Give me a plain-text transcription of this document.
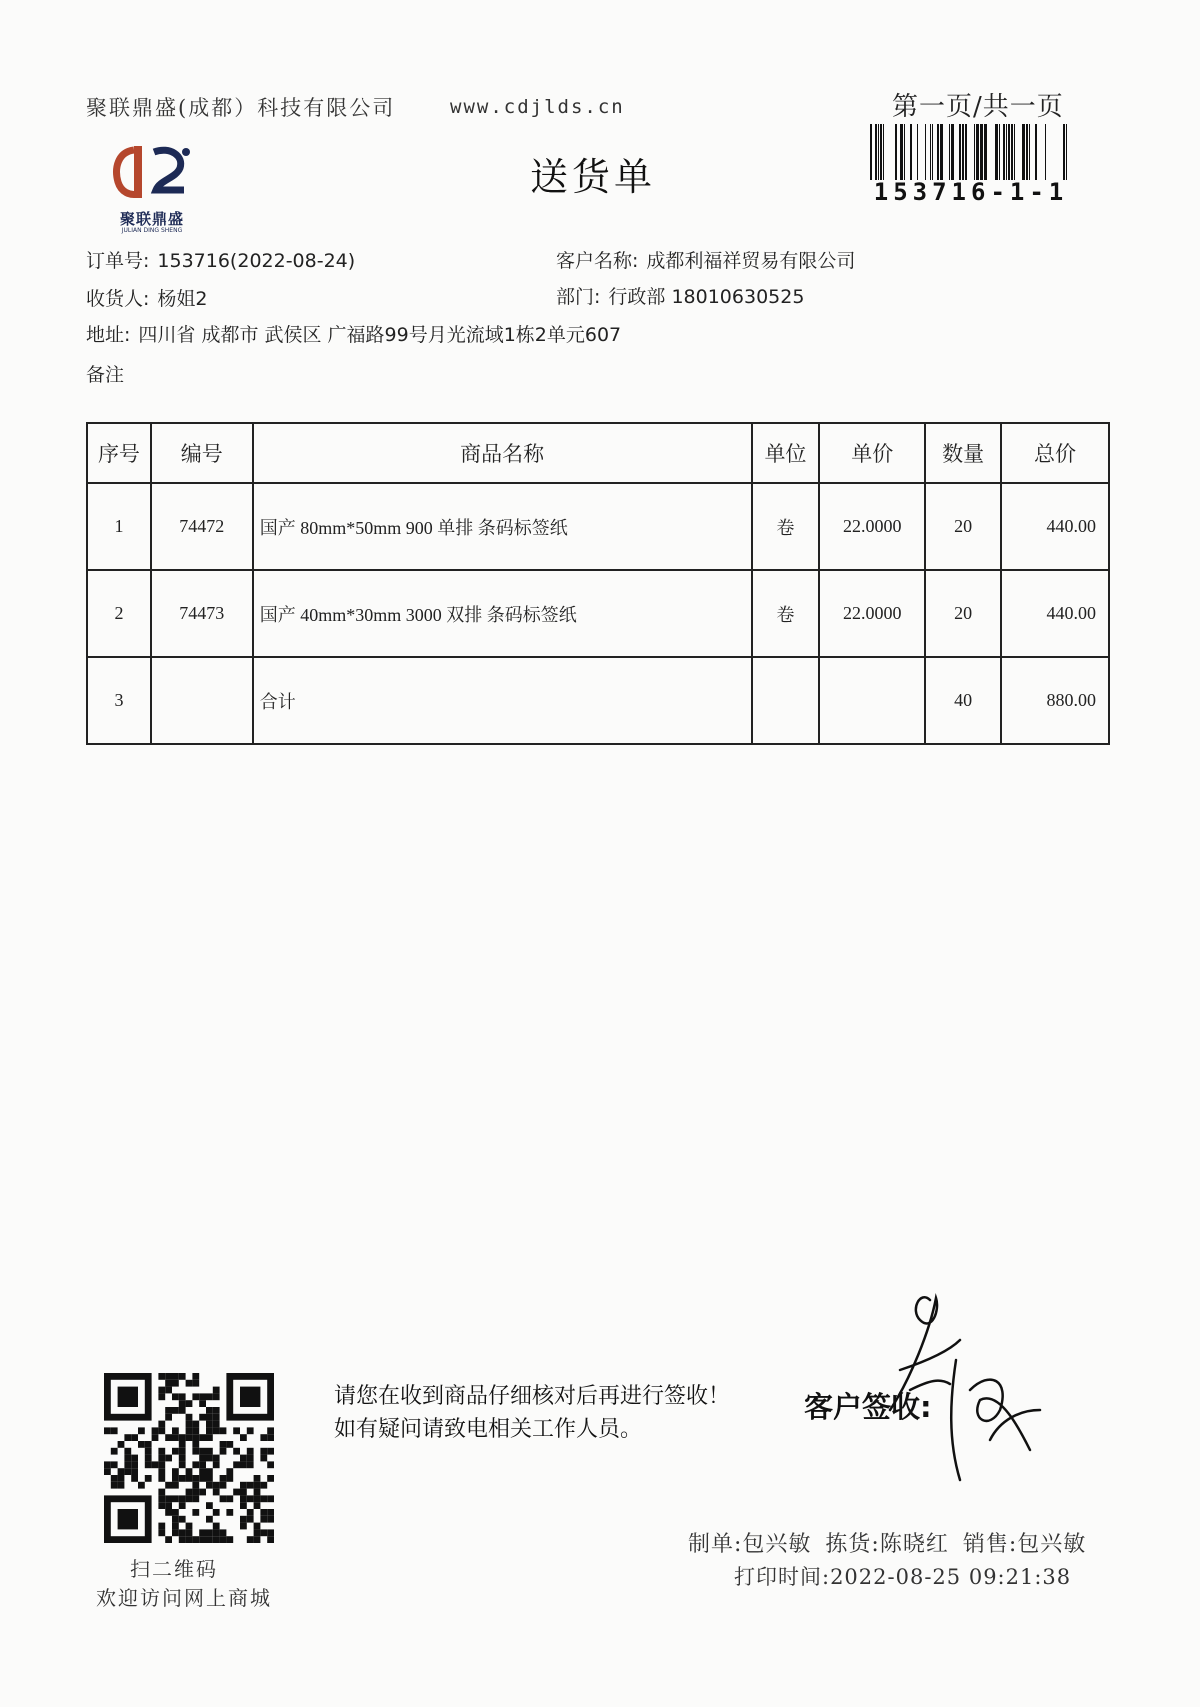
聚联鼎盛(成都）科技有限公司	www.cdjlds.cn	第一页/共一页
聚联鼎盛
JULIAN DING SHENG
送货单	153716-1-1
订单号: 153716(2022-08-24)	客户名称: 成都利福祥贸易有限公司
收货人: 杨姐2	部门: 行政部 18010630525
地址: 四川省 成都市 武侯区 广福路99号月光流域1栋2单元607
备注
序号	编号	商品名称	单位	单价	数量	总价
1	74472	国产 80mm*50mm 900 单排 条码标签纸	卷	22.0000	20	440.00
2	74473	国产 40mm*30mm 3000 双排 条码标签纸	卷	22.0000	20	440.00
3		合计			40	880.00
扫二维码
欢迎访问网上商城
请您在收到商品仔细核对后再进行签收！如有疑问请致电相关工作人员。
客户签收:
制单:包兴敏 拣货:陈晓红 销售:包兴敏
打印时间:2022-08-25 09:21:38
